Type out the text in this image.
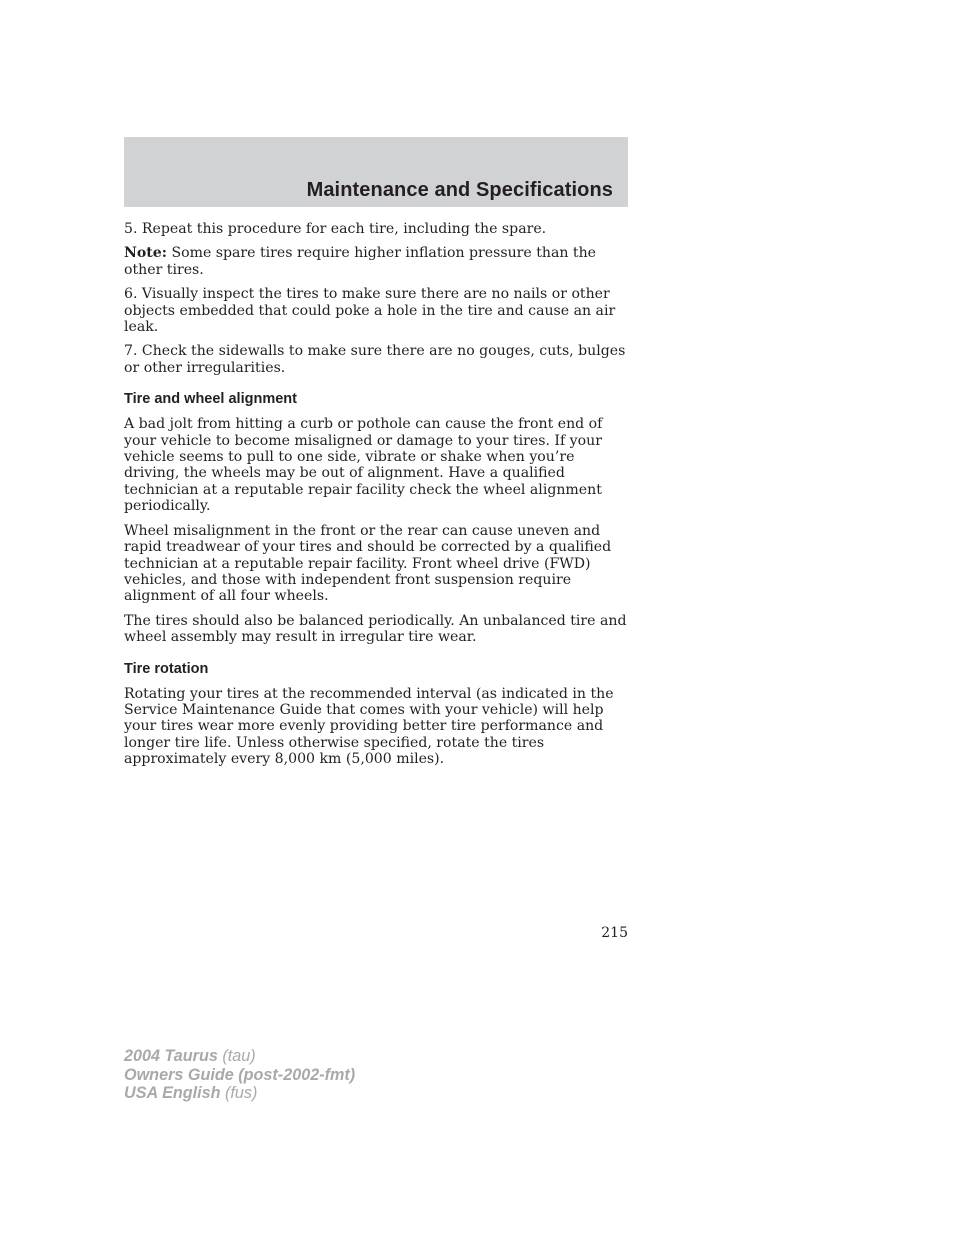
Maintenance and Specifications

5. Repeat this procedure for each tire, including the spare.

Note: Some spare tires require higher inflation pressure than the other tires.

6. Visually inspect the tires to make sure there are no nails or other objects embedded that could poke a hole in the tire and cause an air leak.

7. Check the sidewalls to make sure there are no gouges, cuts, bulges or other irregularities.

Tire and wheel alignment

A bad jolt from hitting a curb or pothole can cause the front end of your vehicle to become misaligned or damage to your tires. If your vehicle seems to pull to one side, vibrate or shake when you’re driving, the wheels may be out of alignment. Have a qualified technician at a reputable repair facility check the wheel alignment periodically.

Wheel misalignment in the front or the rear can cause uneven and rapid treadwear of your tires and should be corrected by a qualified technician at a reputable repair facility. Front wheel drive (FWD) vehicles, and those with independent front suspension require alignment of all four wheels.

The tires should also be balanced periodically. An unbalanced tire and wheel assembly may result in irregular tire wear.

Tire rotation

Rotating your tires at the recommended interval (as indicated in the Service Maintenance Guide that comes with your vehicle) will help your tires wear more evenly providing better tire performance and longer tire life. Unless otherwise specified, rotate the tires approximately every 8,000 km (5,000 miles).

215
2004 Taurus (tau)
Owners Guide (post-2002-fmt)
USA English (fus)
